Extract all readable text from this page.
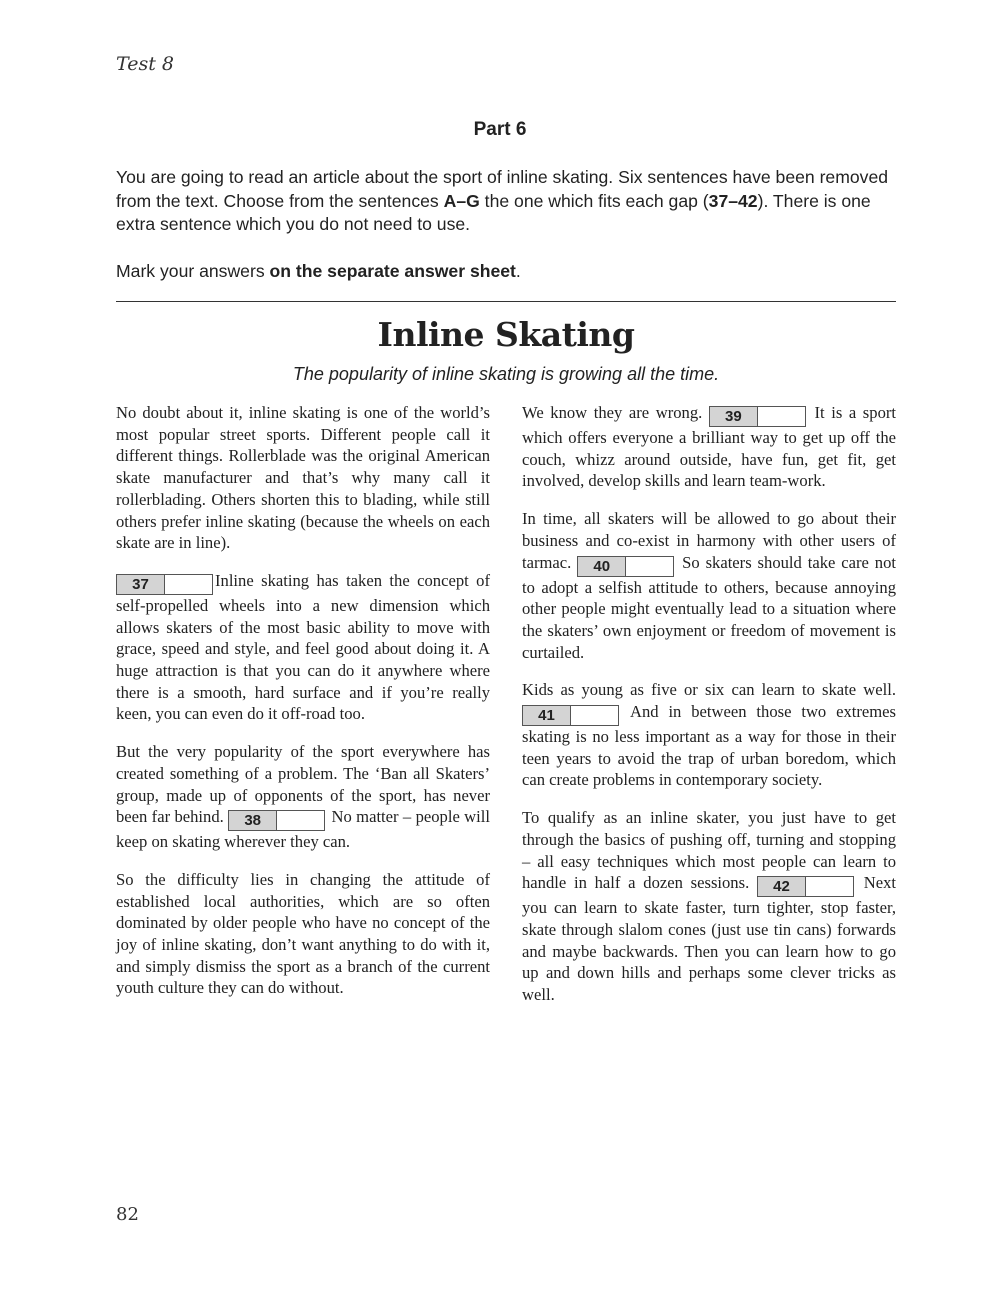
Test 8
Part 6

You are going to read an article about the sport of inline skating. Six sentences have been removed from the text. Choose from the sentences A–G the one which fits each gap (37–42). There is one extra sentence which you do not need to use.

Mark your answers on the separate answer sheet.

Inline Skating
The popularity of inline skating is growing all the time.

No doubt about it, inline skating is one of the world’s most popular street sports. Different people call it different things. Rollerblade was the original American skate manufacturer and that’s why many call it rollerblading. Others shorten this to blading, while still others prefer inline skating (because the wheels on each skate are in line).

37	Inline skating has taken the concept of self-propelled wheels into a new dimension which allows skaters of the most basic ability to move with grace, speed and style, and feel good about doing it. A huge attraction is that you can do it anywhere where there is a smooth, hard surface and if you’re really keen, you can even do it off-road too.

But the very popularity of the sport everywhere has created something of a problem. The ‘Ban all Skaters’ group, made up of opponents of the sport, has never been far behind.	38	No matter – people will keep on skating wherever they can.

So the difficulty lies in changing the attitude of established local authorities, which are so often dominated by older people who have no concept of the joy of inline skating, don’t want anything to do with it, and simply dismiss the sport as a branch of the current youth culture they can do without.

We know they are wrong.	39	It is a sport which offers everyone a brilliant way to get up off the couch, whizz around outside, have fun, get fit, get involved, develop skills and learn team-work.

In time, all skaters will be allowed to go about their business and co-exist in harmony with other users of tarmac.	40	So skaters should take care not to adopt a selfish attitude to others, because annoying other people might eventually lead to a situation where the skaters’ own enjoyment or freedom of movement is curtailed.

Kids as young as five or six can learn to skate well.
41	And in between those two extremes skating is no less important as a way for those in their teen years to avoid the trap of urban boredom, which can create problems in contemporary society.

To qualify as an inline skater, you just have to get through the basics of pushing off, turning and stopping – all easy techniques which most people can learn to handle in half a dozen sessions.	42	Next you can learn to skate faster, turn tighter, stop faster, skate through slalom cones (just use tin cans) forwards and maybe backwards. Then you can learn how to go up and down hills and perhaps some clever tricks as well.

82
